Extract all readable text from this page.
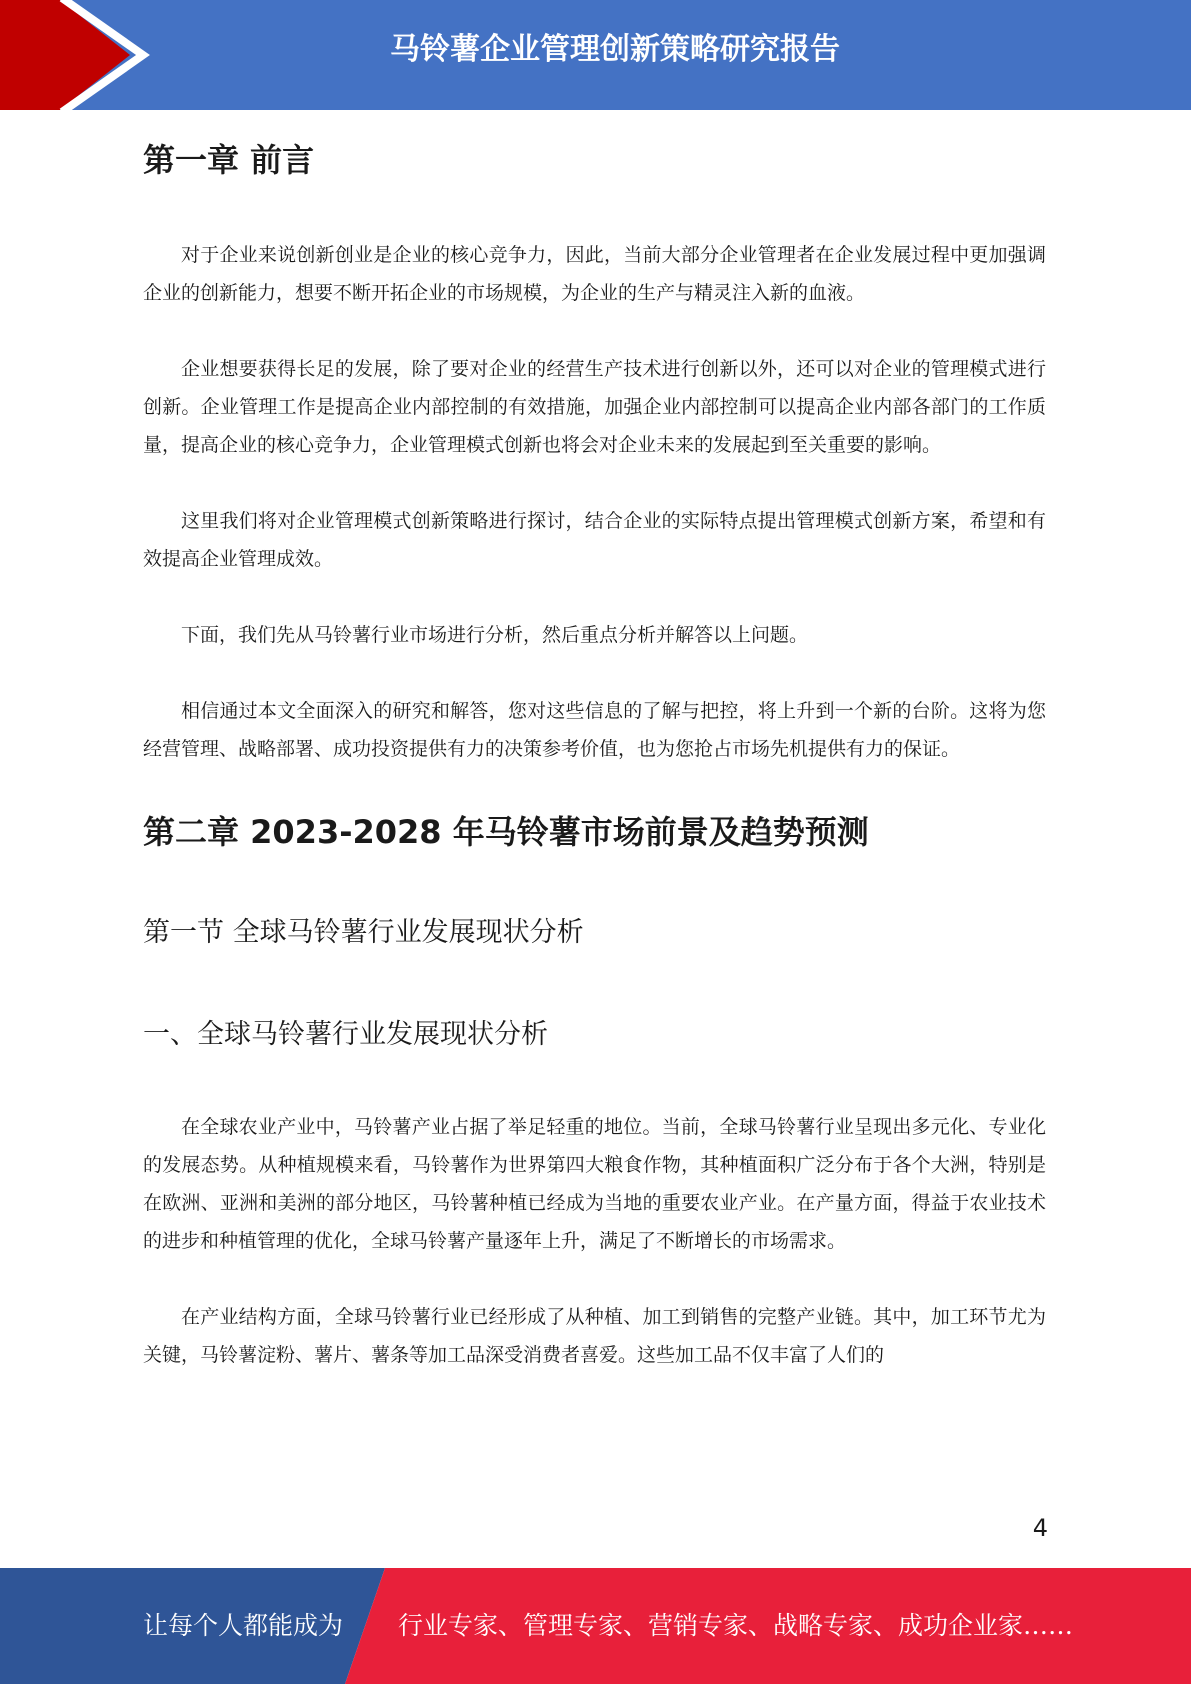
马铃薯企业管理创新策略研究报告
第一章 前言

对于企业来说创新创业是企业的核心竞争力，因此，当前大部分企业管理者在企业发展过程中更加强调企业的创新能力，想要不断开拓企业的市场规模，为企业的生产与精灵注入新的血液。

企业想要获得长足的发展，除了要对企业的经营生产技术进行创新以外，还可以对企业的管理模式进行创新。企业管理工作是提高企业内部控制的有效措施，加强企业内部控制可以提高企业内部各部门的工作质量，提高企业的核心竞争力，企业管理模式创新也将会对企业未来的发展起到至关重要的影响。

这里我们将对企业管理模式创新策略进行探讨，结合企业的实际特点提出管理模式创新方案，希望和有效提高企业管理成效。

下面，我们先从马铃薯行业市场进行分析，然后重点分析并解答以上问题。

相信通过本文全面深入的研究和解答，您对这些信息的了解与把控，将上升到一个新的台阶。这将为您经营管理、战略部署、成功投资提供有力的决策参考价值，也为您抢占市场先机提供有力的保证。

第二章 2023-2028 年马铃薯市场前景及趋势预测
第一节 全球马铃薯行业发展现状分析
一、全球马铃薯行业发展现状分析

在全球农业产业中，马铃薯产业占据了举足轻重的地位。当前，全球马铃薯行业呈现出多元化、专业化的发展态势。从种植规模来看，马铃薯作为世界第四大粮食作物，其种植面积广泛分布于各个大洲，特别是在欧洲、亚洲和美洲的部分地区，马铃薯种植已经成为当地的重要农业产业。在产量方面，得益于农业技术的进步和种植管理的优化，全球马铃薯产量逐年上升，满足了不断增长的市场需求。

在产业结构方面，全球马铃薯行业已经形成了从种植、加工到销售的完整产业链。其中，加工环节尤为关键，马铃薯淀粉、薯片、薯条等加工品深受消费者喜爱。这些加工品不仅丰富了人们的

4
让每个人都能成为 行业专家、管理专家、营销专家、战略专家、成功企业家……
